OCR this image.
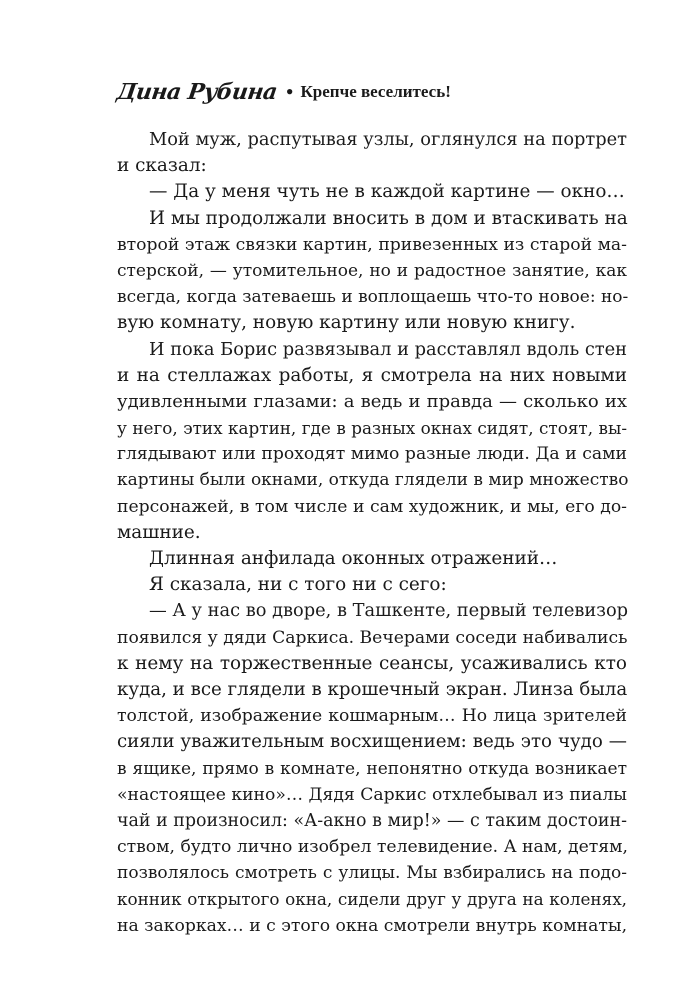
Дина Рубина • Крепче веселитесь!
Мой муж, распутывая узлы, оглянулся на портрет
и сказал:
— Да у меня чуть не в каждой картине — окно…
И мы продолжали вносить в дом и втаскивать на
второй этаж связки картин, привезенных из старой ма-
стерской, — утомительное, но и радостное занятие, как
всегда, когда затеваешь и воплощаешь что-то новое: но-
вую комнату, новую картину или новую книгу.
И пока Борис развязывал и расставлял вдоль стен
и на стеллажах работы, я смотрела на них новыми
удивленными глазами: а ведь и правда — сколько их
у него, этих картин, где в разных окнах сидят, стоят, вы-
глядывают или проходят мимо разные люди. Да и сами
картины были окнами, откуда глядели в мир множество
персонажей, в том числе и сам художник, и мы, его до-
машние.
Длинная анфилада оконных отражений…
Я сказала, ни с того ни с сего:
— А у нас во дворе, в Ташкенте, первый телевизор
появился у дяди Саркиса. Вечерами соседи набивались
к нему на торжественные сеансы, усаживались кто
куда, и все глядели в крошечный экран. Линза была
толстой, изображение кошмарным… Но лица зрителей
сияли уважительным восхищением: ведь это чудо —
в ящике, прямо в комнате, непонятно откуда возникает
«настоящее кино»… Дядя Саркис отхлебывал из пиалы
чай и произносил: «А-акно в мир!» — с таким достоин-
ством, будто лично изобрел телевидение. А нам, детям,
позволялось смотреть с улицы. Мы взбирались на подо-
конник открытого окна, сидели друг у друга на коленях,
на закорках… и с этого окна смотрели внутрь комнаты,
